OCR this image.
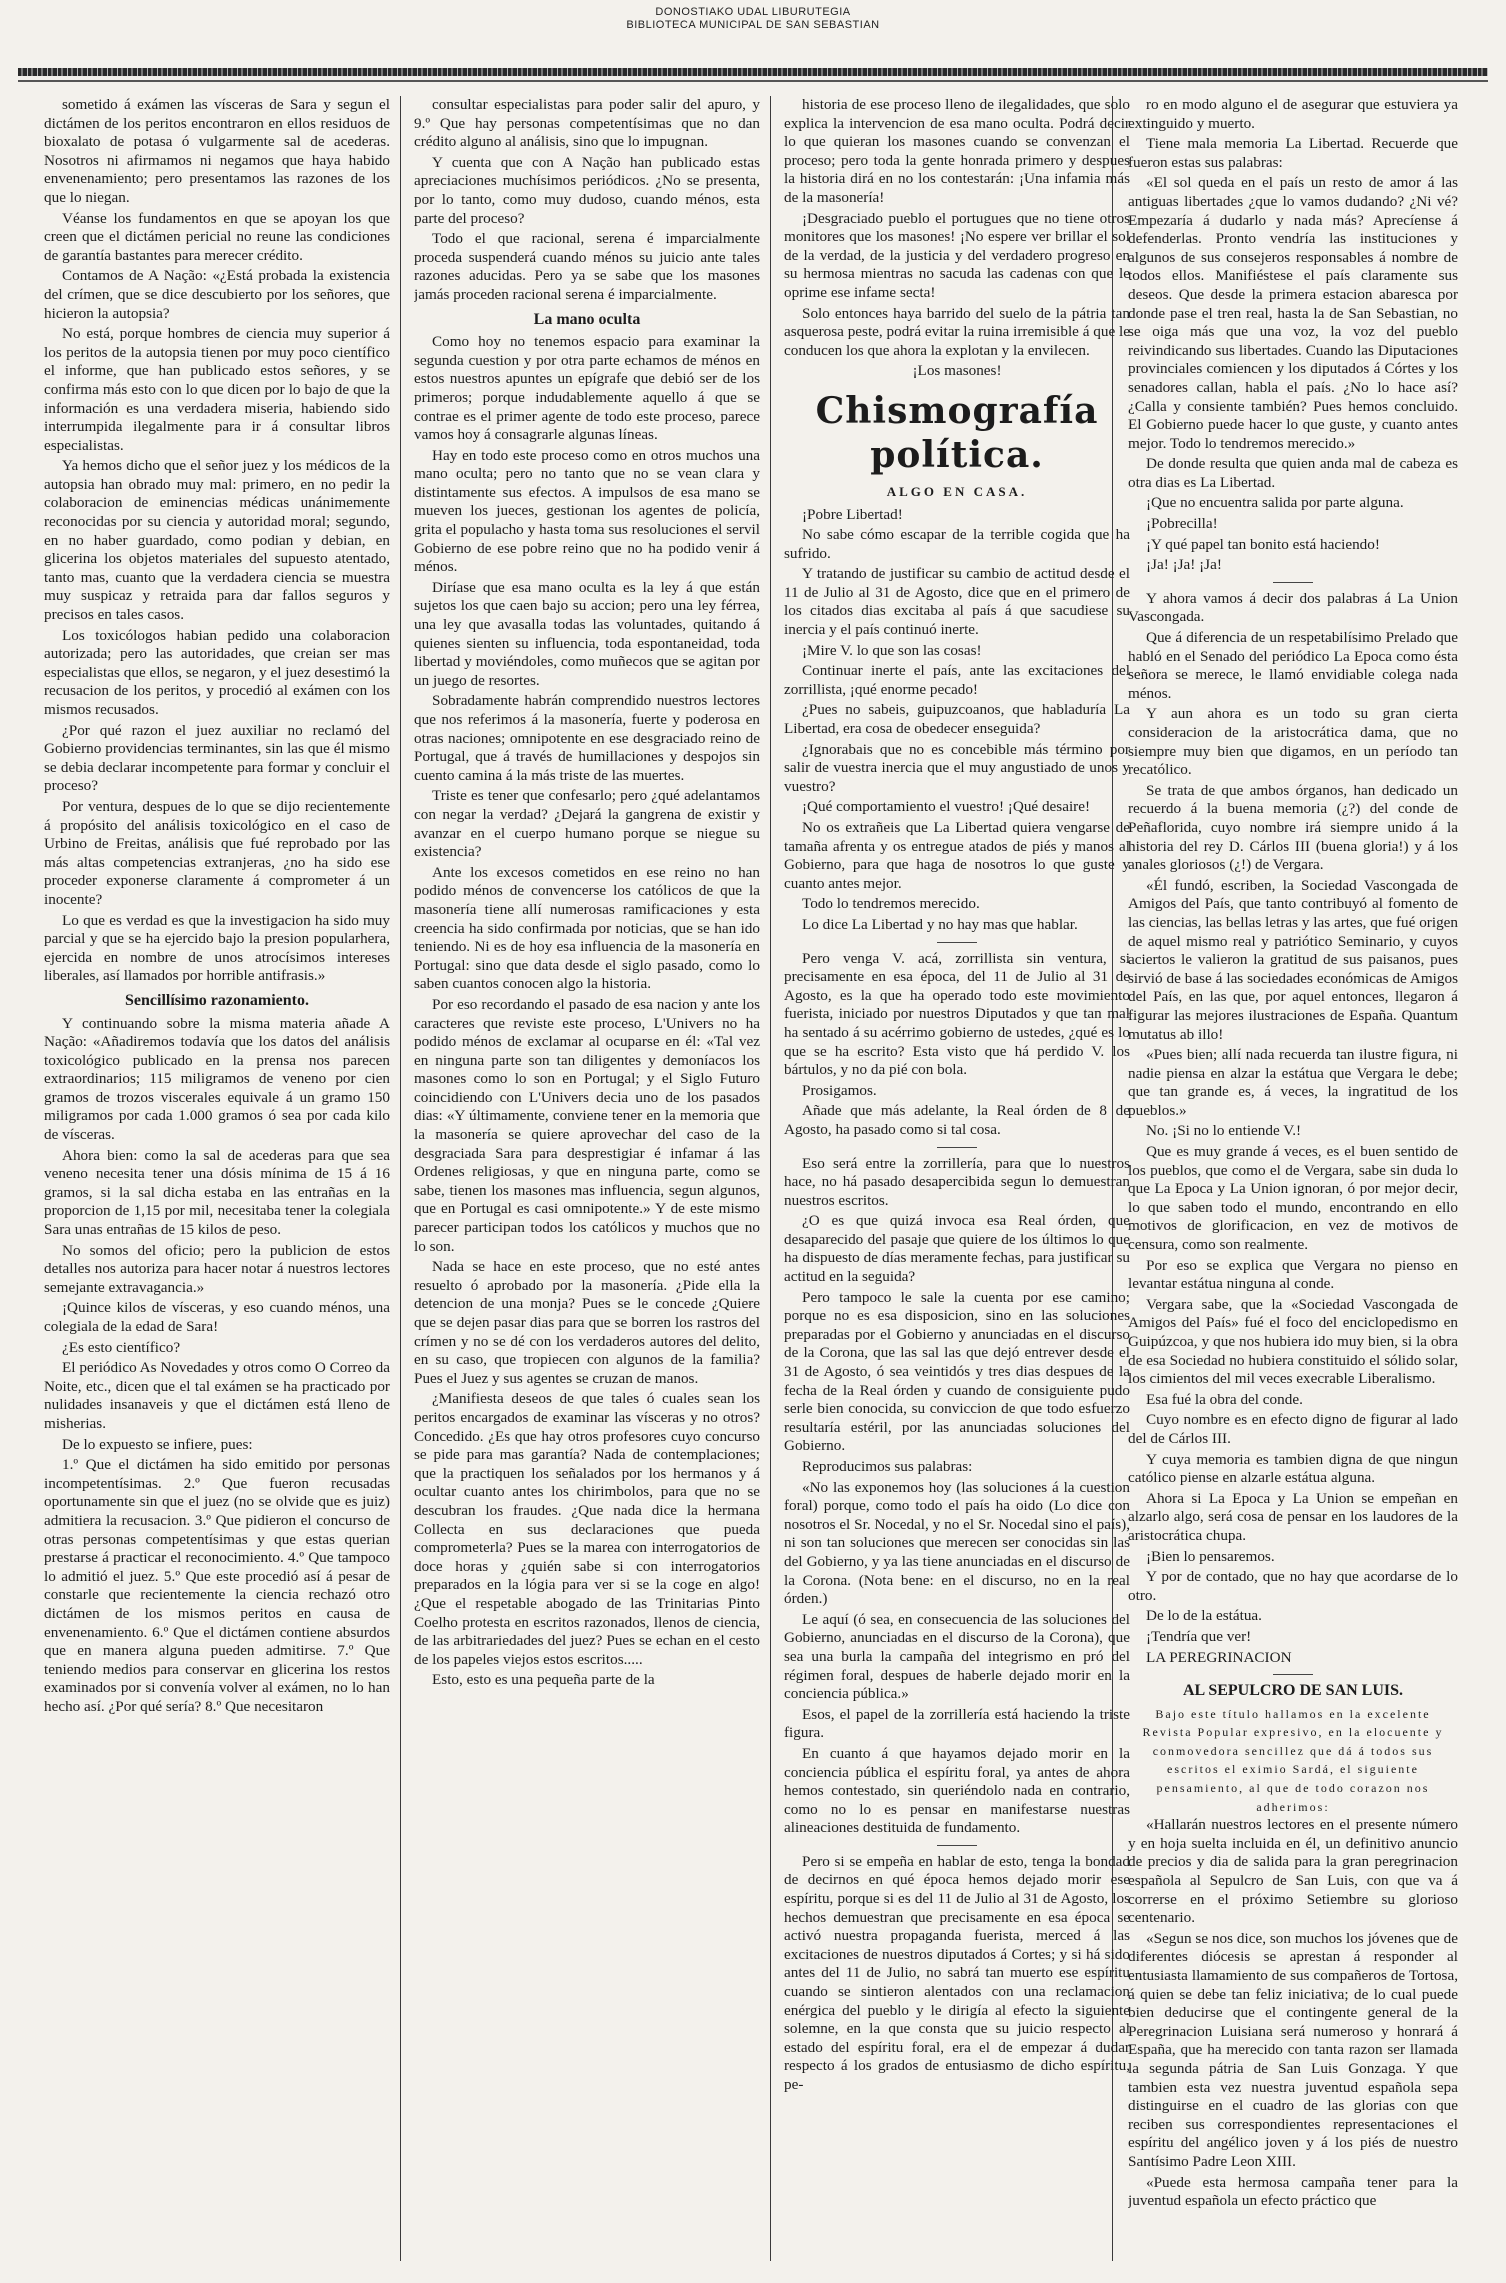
DONOSTIAKO UDAL LIBURUTEGIA
BIBLIOTECA MUNICIPAL DE SAN SEBASTIAN

sometido á exámen las vísceras de Sara y segun el dictámen de los peritos encontraron en ellos residuos de bioxalato de potasa ó vulgarmente sal de acederas. Nosotros ni afirmamos ni negamos que haya habido envenenamiento; pero presentamos las razones de los que lo niegan.

Véanse los fundamentos en que se apoyan los que creen que el dictámen pericial no reune las condiciones de garantía bastantes para merecer crédito.

Contamos de A Nação: «¿Está probada la existencia del crímen, que se dice descubierto por los señores, que hicieron la autopsia?

No está, porque hombres de ciencia muy superior á los peritos de la autopsia tienen por muy poco científico el informe, que han publicado estos señores, y se confirma más esto con lo que dicen por lo bajo de que la información es una verdadera miseria, habiendo sido interrumpida ilegalmente para ir á consultar libros especialistas.

Ya hemos dicho que el señor juez y los médicos de la autopsia han obrado muy mal: primero, en no pedir la colaboracion de eminencias médicas unánimemente reconocidas por su ciencia y autoridad moral; segundo, en no haber guardado, como podian y debian, en glicerina los objetos materiales del supuesto atentado, tanto mas, cuanto que la verdadera ciencia se muestra muy suspicaz y retraida para dar fallos seguros y precisos en tales casos.

Los toxicólogos habian pedido una colaboracion autorizada; pero las autoridades, que creian ser mas especialistas que ellos, se negaron, y el juez desestimó la recusacion de los peritos, y procedió al exámen con los mismos recusados.

¿Por qué razon el juez auxiliar no reclamó del Gobierno providencias terminantes, sin las que él mismo se debia declarar incompetente para formar y concluir el proceso?

Por ventura, despues de lo que se dijo recientemente á propósito del análisis toxicológico en el caso de Urbino de Freitas, análisis que fué reprobado por las más altas competencias extranjeras, ¿no ha sido ese proceder exponerse claramente á comprometer á un inocente?

Lo que es verdad es que la investigacion ha sido muy parcial y que se ha ejercido bajo la presion popularhera, ejercida en nombre de unos atrocísimos intereses liberales, así llamados por horrible antifrasis.»

Sencillísimo razonamiento.

Y continuando sobre la misma materia añade A Nação: «Añadiremos todavía que los datos del análisis toxicológico publicado en la prensa nos parecen extraordinarios; 115 miligramos de veneno por cien gramos de trozos viscerales equivale á un gramo 150 miligramos por cada 1.000 gramos ó sea por cada kilo de vísceras.

Ahora bien: como la sal de acederas para que sea veneno necesita tener una dósis mínima de 15 á 16 gramos, si la sal dicha estaba en las entrañas en la proporcion de 1,15 por mil, necesitaba tener la colegiala Sara unas entrañas de 15 kilos de peso.

No somos del oficio; pero la publicion de estos detalles nos autoriza para hacer notar á nuestros lectores semejante extravagancia.»

¡Quince kilos de vísceras, y eso cuando ménos, una colegiala de la edad de Sara!

¿Es esto científico?

El periódico As Novedades y otros como O Correo da Noite, etc., dicen que el tal exámen se ha practicado por nulidades insanaveis y que el dictámen está lleno de misherias.

De lo expuesto se infiere, pues:

1.º Que el dictámen ha sido emitido por personas incompetentísimas. 2.º Que fueron recusadas oportunamente sin que el juez (no se olvide que es juiz) admitiera la recusacion. 3.º Que pidieron el concurso de otras personas competentísimas y que estas querian prestarse á practicar el reconocimiento. 4.º Que tampoco lo admitió el juez. 5.º Que este procedió así á pesar de constarle que recientemente la ciencia rechazó otro dictámen de los mismos peritos en causa de envenenamiento. 6.º Que el dictámen contiene absurdos que en manera alguna pueden admitirse. 7.º Que teniendo medios para conservar en glicerina los restos examinados por si convenía volver al exámen, no lo han hecho así. ¿Por qué sería? 8.º Que necesitaron

consultar especialistas para poder salir del apuro, y 9.º Que hay personas competentísimas que no dan crédito alguno al análisis, sino que lo impugnan.

Y cuenta que con A Nação han publicado estas apreciaciones muchísimos periódicos. ¿No se presenta, por lo tanto, como muy dudoso, cuando ménos, esta parte del proceso?

Todo el que racional, serena é imparcialmente proceda suspenderá cuando ménos su juicio ante tales razones aducidas. Pero ya se sabe que los masones jamás proceden racional serena é imparcialmente.

La mano oculta

Como hoy no tenemos espacio para examinar la segunda cuestion y por otra parte echamos de ménos en estos nuestros apuntes un epígrafe que debió ser de los primeros; porque indudablemente aquello á que se contrae es el primer agente de todo este proceso, parece vamos hoy á consagrarle algunas líneas.

Hay en todo este proceso como en otros muchos una mano oculta; pero no tanto que no se vean clara y distintamente sus efectos. A impulsos de esa mano se mueven los jueces, gestionan los agentes de policía, grita el populacho y hasta toma sus resoluciones el servil Gobierno de ese pobre reino que no ha podido venir á ménos.

Diríase que esa mano oculta es la ley á que están sujetos los que caen bajo su accion; pero una ley férrea, una ley que avasalla todas las voluntades, quitando á quienes sienten su influencia, toda espontaneidad, toda libertad y moviéndoles, como muñecos que se agitan por un juego de resortes.

Sobradamente habrán comprendido nuestros lectores que nos referimos á la masonería, fuerte y poderosa en otras naciones; omnipotente en ese desgraciado reino de Portugal, que á través de humillaciones y despojos sin cuento camina á la más triste de las muertes.

Triste es tener que confesarlo; pero ¿qué adelantamos con negar la verdad? ¿Dejará la gangrena de existir y avanzar en el cuerpo humano porque se niegue su existencia?

Ante los excesos cometidos en ese reino no han podido ménos de convencerse los católicos de que la masonería tiene allí numerosas ramificaciones y esta creencia ha sido confirmada por noticias, que se han ido teniendo. Ni es de hoy esa influencia de la masonería en Portugal: sino que data desde el siglo pasado, como lo saben cuantos conocen algo la historia.

Por eso recordando el pasado de esa nacion y ante los caracteres que reviste este proceso, L'Univers no ha podido ménos de exclamar al ocuparse en él: «Tal vez en ninguna parte son tan diligentes y demoníacos los masones como lo son en Portugal; y el Siglo Futuro coincidiendo con L'Univers decia uno de los pasados dias: «Y últimamente, conviene tener en la memoria que la masonería se quiere aprovechar del caso de la desgraciada Sara para desprestigiar é infamar á las Ordenes religiosas, y que en ninguna parte, como se sabe, tienen los masones mas influencia, segun algunos, que en Portugal es casi omnipotente.» Y de este mismo parecer participan todos los católicos y muchos que no lo son.

Nada se hace en este proceso, que no esté antes resuelto ó aprobado por la masonería. ¿Pide ella la detencion de una monja? Pues se le concede ¿Quiere que se dejen pasar dias para que se borren los rastros del crímen y no se dé con los verdaderos autores del delito, en su caso, que tropiecen con algunos de la familia? Pues el Juez y sus agentes se cruzan de manos.

¿Manifiesta deseos de que tales ó cuales sean los peritos encargados de examinar las vísceras y no otros? Concedido. ¿Es que hay otros profesores cuyo concurso se pide para mas garantía? Nada de contemplaciones; que la practiquen los señalados por los hermanos y á ocultar cuanto antes los chirimbolos, para que no se descubran los fraudes. ¿Que nada dice la hermana Collecta en sus declaraciones que pueda comprometerla? Pues se la marea con interrogatorios de doce horas y ¿quién sabe si con interrogatorios preparados en la lógia para ver si se la coge en algo! ¿Que el respetable abogado de las Trinitarias Pinto Coelho protesta en escritos razonados, llenos de ciencia, de las arbitrariedades del juez? Pues se echan en el cesto de los papeles viejos estos escritos.....

Esto, esto es una pequeña parte de la

historia de ese proceso lleno de ilegalidades, que solo explica la intervencion de esa mano oculta. Podrá decir lo que quieran los masones cuando se convenzan el proceso; pero toda la gente honrada primero y despues la historia dirá en no los contestarán: ¡Una infamia más de la masonería!

¡Desgraciado pueblo el portugues que no tiene otros monitores que los masones! ¡No espere ver brillar el sol de la verdad, de la justicia y del verdadero progreso en su hermosa mientras no sacuda las cadenas con que le oprime ese infame secta!

Solo entonces haya barrido del suelo de la pátria tan asquerosa peste, podrá evitar la ruina irremisible á que le conducen los que ahora la explotan y la envilecen.

¡Los masones!

Chismografía política.
ALGO EN CASA.

¡Pobre Libertad!

No sabe cómo escapar de la terrible cogida que ha sufrido.

Y tratando de justificar su cambio de actitud desde el 11 de Julio al 31 de Agosto, dice que en el primero de los citados dias excitaba al país á que sacudiese su inercia y el país continuó inerte.

¡Mire V. lo que son las cosas!

Continuar inerte el país, ante las excitaciones del zorrillista, ¡qué enorme pecado!

¿Pues no sabeis, guipuzcoanos, que habladuría La Libertad, era cosa de obedecer enseguida?

¿Ignorabais que no es concebible más término por salir de vuestra inercia que el muy angustiado de unos y vuestro?

¡Qué comportamiento el vuestro! ¡Qué desaire!

No os extrañeis que La Libertad quiera vengarse de tamaña afrenta y os entregue atados de piés y manos al Gobierno, para que haga de nosotros lo que guste y cuanto antes mejor.

Todo lo tendremos merecido.

Lo dice La Libertad y no hay mas que hablar.

Pero venga V. acá, zorrillista sin ventura, si precisamente en esa época, del 11 de Julio al 31 de Agosto, es la que ha operado todo este movimiento fuerista, iniciado por nuestros Diputados y que tan mal ha sentado á su acérrimo gobierno de ustedes, ¿qué es lo que se ha escrito? Esta visto que há perdido V. los bártulos, y no da pié con bola.

Prosigamos.

Añade que más adelante, la Real órden de 8 de Agosto, ha pasado como si tal cosa.

Eso será entre la zorrillería, para que lo nuestros hace, no há pasado desapercibida segun lo demuestran nuestros escritos.

¿O es que quizá invoca esa Real órden, que desaparecido del pasaje que quiere de los últimos lo que ha dispuesto de días meramente fechas, para justificar su actitud en la seguida?

Pero tampoco le sale la cuenta por ese camino; porque no es esa disposicion, sino en las soluciones preparadas por el Gobierno y anunciadas en el discurso de la Corona, que las sal las que dejó entrever desde el 31 de Agosto, ó sea veintidós y tres dias despues de la fecha de la Real órden y cuando de consiguiente pudo serle bien conocida, su conviccion de que todo esfuerzo resultaría estéril, por las anunciadas soluciones del Gobierno.

Reproducimos sus palabras:

«No las exponemos hoy (las soluciones á la cuestion foral) porque, como todo el país ha oido (Lo dice con nosotros el Sr. Nocedal, y no el Sr. Nocedal sino el país), ni son tan soluciones que merecen ser conocidas sin las del Gobierno, y ya las tiene anunciadas en el discurso de la Corona. (Nota bene: en el discurso, no en la real órden.)

Le aquí (ó sea, en consecuencia de las soluciones del Gobierno, anunciadas en el discurso de la Corona), que sea una burla la campaña del integrismo en pró del régimen foral, despues de haberle dejado morir en la conciencia pública.»

Esos, el papel de la zorrillería está haciendo la triste figura.

En cuanto á que hayamos dejado morir en la conciencia pública el espíritu foral, ya antes de ahora hemos contestado, sin queriéndolo nada en contrario, como no lo es pensar en manifestarse nuestras alineaciones destituida de fundamento.

Pero si se empeña en hablar de esto, tenga la bondad de decirnos en qué época hemos dejado morir ese espíritu, porque si es del 11 de Julio al 31 de Agosto, los hechos demuestran que precisamente en esa época se activó nuestra propaganda fuerista, merced á las excitaciones de nuestros diputados á Cortes; y si há sido antes del 11 de Julio, no sabrá tan muerto ese espíritu cuando se sintieron alentados con una reclamacion enérgica del pueblo y le dirigía al efecto la siguiente solemne, en la que consta que su juicio respecto al estado del espíritu foral, era el de empezar á dudar respecto á los grados de entusiasmo de dicho espíritu, pe-

ro en modo alguno el de asegurar que estuviera ya extinguido y muerto.

Tiene mala memoria La Libertad. Recuerde que fueron estas sus palabras:

«El sol queda en el país un resto de amor á las antiguas libertades ¿que lo vamos dudando? ¿Ni vé? Empezaría á dudarlo y nada más? Aprecíense á defenderlas. Pronto vendría las instituciones y algunos de sus consejeros responsables á nombre de todos ellos. Manifiéstese el país claramente sus deseos. Que desde la primera estacion abaresca por donde pase el tren real, hasta la de San Sebastian, no se oiga más que una voz, la voz del pueblo reivindicando sus libertades. Cuando las Diputaciones provinciales comiencen y los diputados á Córtes y los senadores callan, habla el país. ¿No lo hace así? ¿Calla y consiente también? Pues hemos concluido. El Gobierno puede hacer lo que guste, y cuanto antes mejor. Todo lo tendremos merecido.»

De donde resulta que quien anda mal de cabeza es otra dias es La Libertad.

¡Que no encuentra salida por parte alguna.

¡Pobrecilla!

¡Y qué papel tan bonito está haciendo!

¡Ja! ¡Ja! ¡Ja!

Y ahora vamos á decir dos palabras á La Union Vascongada.

Que á diferencia de un respetabilísimo Prelado que habló en el Senado del periódico La Epoca como ésta señora se merece, le llamó envidiable colega nada ménos.

Y aun ahora es un todo su gran cierta consideracion de la aristocrática dama, que no siempre muy bien que digamos, en un período tan recatólico.

Se trata de que ambos órganos, han dedicado un recuerdo á la buena memoria (¿?) del conde de Peñaflorida, cuyo nombre irá siempre unido á la historia del rey D. Cárlos III (buena gloria!) y á los anales gloriosos (¿!) de Vergara.

«Él fundó, escriben, la Sociedad Vascongada de Amigos del País, que tanto contribuyó al fomento de las ciencias, las bellas letras y las artes, que fué origen de aquel mismo real y patriótico Seminario, y cuyos aciertos le valieron la gratitud de sus paisanos, pues sirvió de base á las sociedades económicas de Amigos del País, en las que, por aquel entonces, llegaron á figurar las mejores ilustraciones de España. Quantum mutatus ab illo!

«Pues bien; allí nada recuerda tan ilustre figura, ni nadie piensa en alzar la estátua que Vergara le debe; que tan grande es, á veces, la ingratitud de los pueblos.»

No. ¡Si no lo entiende V.!

Que es muy grande á veces, es el buen sentido de los pueblos, que como el de Vergara, sabe sin duda lo que La Epoca y La Union ignoran, ó por mejor decir, lo que saben todo el mundo, encontrando en ello motivos de glorificacion, en vez de motivos de censura, como son realmente.

Por eso se explica que Vergara no pienso en levantar estátua ninguna al conde.

Vergara sabe, que la «Sociedad Vascongada de Amigos del País» fué el foco del enciclopedismo en Guipúzcoa, y que nos hubiera ido muy bien, si la obra de esa Sociedad no hubiera constituido el sólido solar, los cimientos del mil veces execrable Liberalismo.

Esa fué la obra del conde.

Cuyo nombre es en efecto digno de figurar al lado del de Cárlos III.

Y cuya memoria es tambien digna de que ningun católico piense en alzarle estátua alguna.

Ahora si La Epoca y La Union se empeñan en alzarlo algo, será cosa de pensar en los laudores de la aristocrática chupa.

¡Bien lo pensaremos.

Y por de contado, que no hay que acordarse de lo otro.

De lo de la estátua.

¡Tendría que ver!

LA PEREGRINACION

AL SEPULCRO DE SAN LUIS.
Bajo este título hallamos en la excelente Revista Popular expresivo, en la elocuente y conmovedora sencillez que dá á todos sus escritos el eximio Sardá, el siguiente pensamiento, al que de todo corazon nos adherimos:

«Hallarán nuestros lectores en el presente número y en hoja suelta incluida en él, un definitivo anuncio de precios y dia de salida para la gran peregrinacion española al Sepulcro de San Luis, con que va á correrse en el próximo Setiembre su glorioso centenario.

«Segun se nos dice, son muchos los jóvenes que de diferentes diócesis se aprestan á responder al entusiasta llamamiento de sus compañeros de Tortosa, á quien se debe tan feliz iniciativa; de lo cual puede bien deducirse que el contingente general de la Peregrinacion Luisiana será numeroso y honrará á España, que ha merecido con tanta razon ser llamada la segunda pátria de San Luis Gonzaga. Y que tambien esta vez nuestra juventud española sepa distinguirse en el cuadro de las glorias con que reciben sus correspondientes representaciones el espíritu del angélico joven y á los piés de nuestro Santísimo Padre Leon XIII.

«Puede esta hermosa campaña tener para la juventud española un efecto práctico que
